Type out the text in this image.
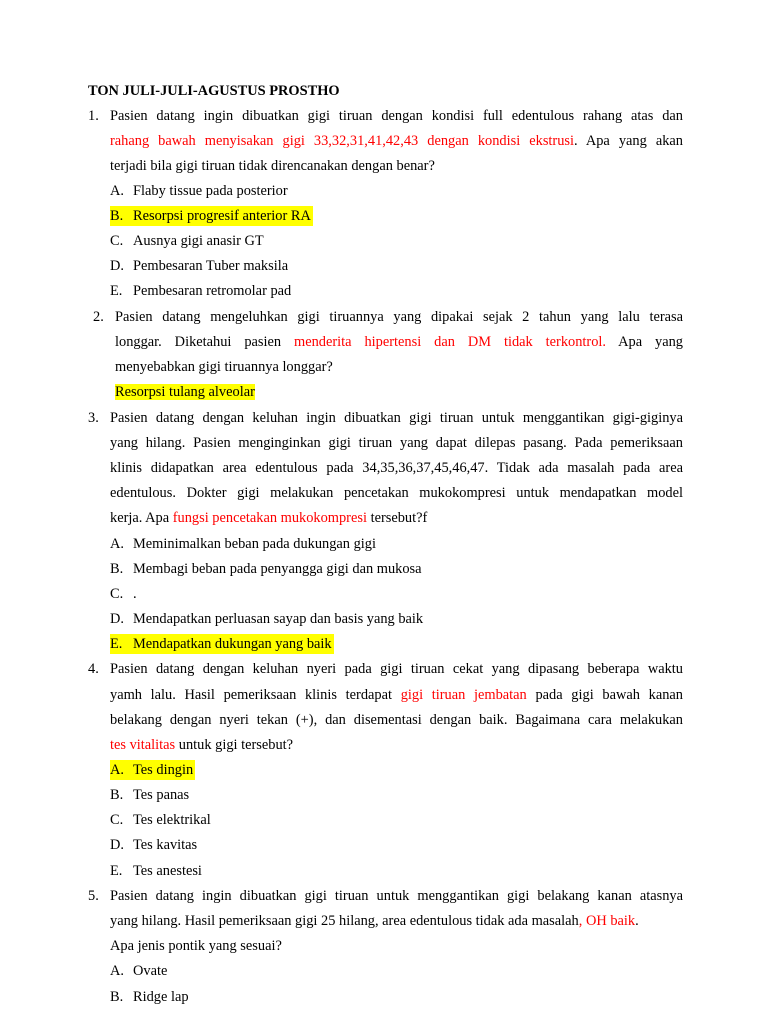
TON JULI-JULI-AGUSTUS PROSTHO
1. Pasien datang ingin dibuatkan gigi tiruan dengan kondisi full edentulous rahang atas dan
rahang bawah menyisakan gigi 33,32,31,41,42,43 dengan kondisi ekstrusi. Apa yang akan
terjadi bila gigi tiruan tidak direncanakan dengan benar?
A. Flaby tissue pada posterior
B. Resorpsi progresif anterior RA
C. Ausnya gigi anasir GT
D. Pembesaran Tuber maksila
E. Pembesaran retromolar pad
2. Pasien datang mengeluhkan gigi tiruannya yang dipakai sejak 2 tahun yang lalu terasa
longgar. Diketahui pasien menderita hipertensi dan DM tidak terkontrol. Apa yang
menyebabkan gigi tiruannya longgar?
Resorpsi tulang alveolar
3. Pasien datang dengan keluhan ingin dibuatkan gigi tiruan untuk menggantikan gigi-giginya
yang hilang. Pasien menginginkan gigi tiruan yang dapat dilepas pasang. Pada pemeriksaan
klinis didapatkan area edentulous pada 34,35,36,37,45,46,47. Tidak ada masalah pada area
edentulous. Dokter gigi melakukan pencetakan mukokompresi untuk mendapatkan model
kerja. Apa fungsi pencetakan mukokompresi tersebut?f
A. Meminimalkan beban pada dukungan gigi
B. Membagi beban pada penyangga gigi dan mukosa
C. .
D. Mendapatkan perluasan sayap dan basis yang baik
E. Mendapatkan dukungan yang baik
4. Pasien datang dengan keluhan nyeri pada gigi tiruan cekat yang dipasang beberapa waktu
yamh lalu. Hasil pemeriksaan klinis terdapat gigi tiruan jembatan pada gigi bawah kanan
belakang dengan nyeri tekan (+), dan disementasi dengan baik. Bagaimana cara melakukan
tes vitalitas untuk gigi tersebut?
A. Tes dingin
B. Tes panas
C. Tes elektrikal
D. Tes kavitas
E. Tes anestesi
5. Pasien datang ingin dibuatkan gigi tiruan untuk menggantikan gigi belakang kanan atasnya
yang hilang. Hasil pemeriksaan gigi 25 hilang, area edentulous tidak ada masalah, OH baik.
Apa jenis pontik yang sesuai?
A. Ovate
B. Ridge lap
